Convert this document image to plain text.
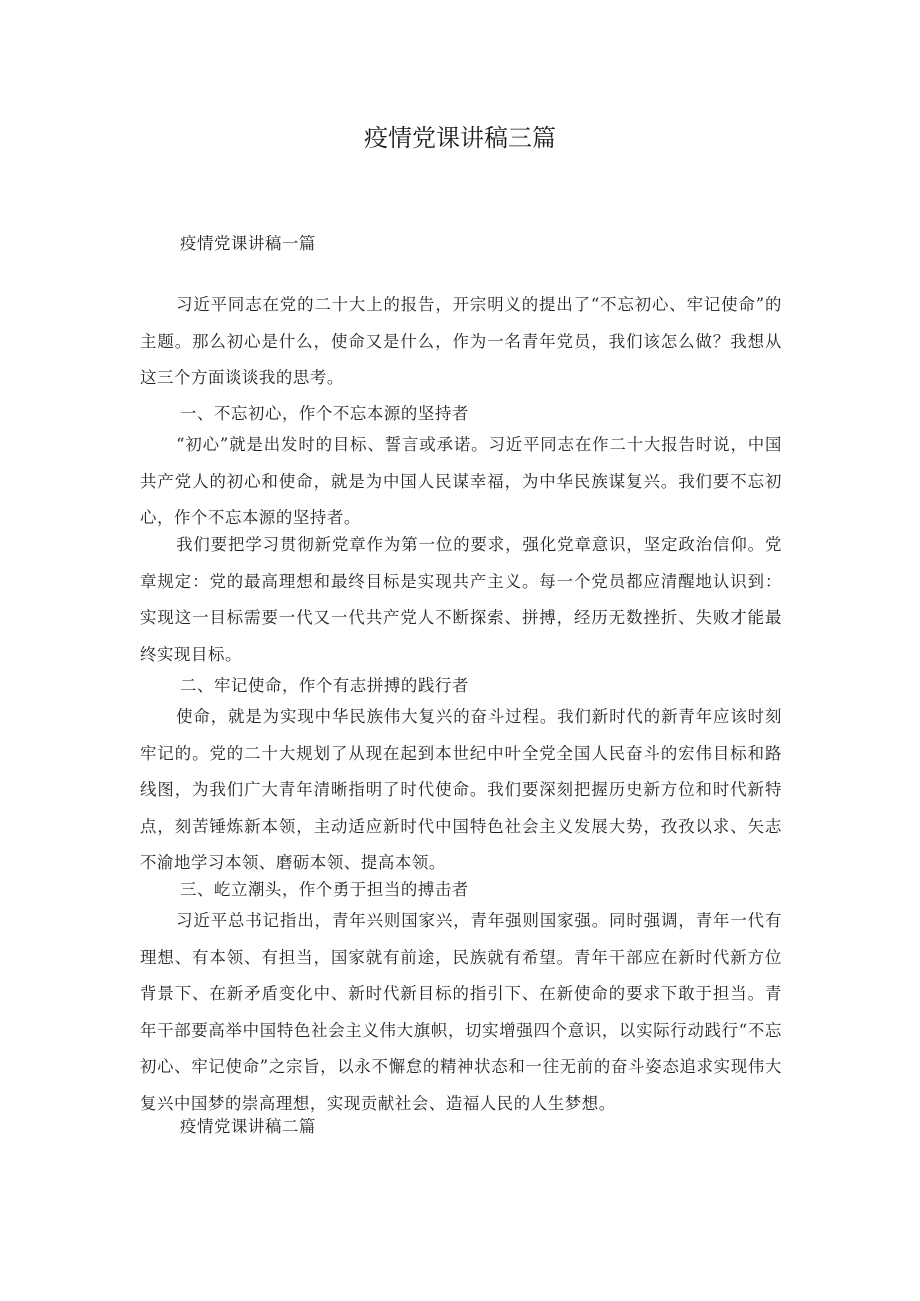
疫情党课讲稿三篇

疫情党课讲稿一篇

习近平同志在党的二十大上的报告，开宗明义的提出了“不忘初心、牢记使命”的主题。那么初心是什么，使命又是什么，作为一名青年党员，我们该怎么做？我想从这三个方面谈谈我的思考。

一、不忘初心，作个不忘本源的坚持者

“初心”就是出发时的目标、誓言或承诺。习近平同志在作二十大报告时说，中国共产党人的初心和使命，就是为中国人民谋幸福，为中华民族谋复兴。我们要不忘初心，作个不忘本源的坚持者。

我们要把学习贯彻新党章作为第一位的要求，强化党章意识，坚定政治信仰。党章规定：党的最高理想和最终目标是实现共产主义。每一个党员都应清醒地认识到：实现这一目标需要一代又一代共产党人不断探索、拼搏，经历无数挫折、失败才能最终实现目标。

二、牢记使命，作个有志拼搏的践行者

使命，就是为实现中华民族伟大复兴的奋斗过程。我们新时代的新青年应该时刻牢记的。党的二十大规划了从现在起到本世纪中叶全党全国人民奋斗的宏伟目标和路线图，为我们广大青年清晰指明了时代使命。我们要深刻把握历史新方位和时代新特点，刻苦锤炼新本领，主动适应新时代中国特色社会主义发展大势，孜孜以求、矢志不渝地学习本领、磨砺本领、提高本领。

三、屹立潮头，作个勇于担当的搏击者

习近平总书记指出，青年兴则国家兴，青年强则国家强。同时强调，青年一代有理想、有本领、有担当，国家就有前途，民族就有希望。青年干部应在新时代新方位背景下、在新矛盾变化中、新时代新目标的指引下、在新使命的要求下敢于担当。青年干部要高举中国特色社会主义伟大旗帜，切实增强四个意识，以实际行动践行“不忘初心、牢记使命”之宗旨，以永不懈怠的精神状态和一往无前的奋斗姿态追求实现伟大复兴中国梦的崇高理想，实现贡献社会、造福人民的人生梦想。

疫情党课讲稿二篇
